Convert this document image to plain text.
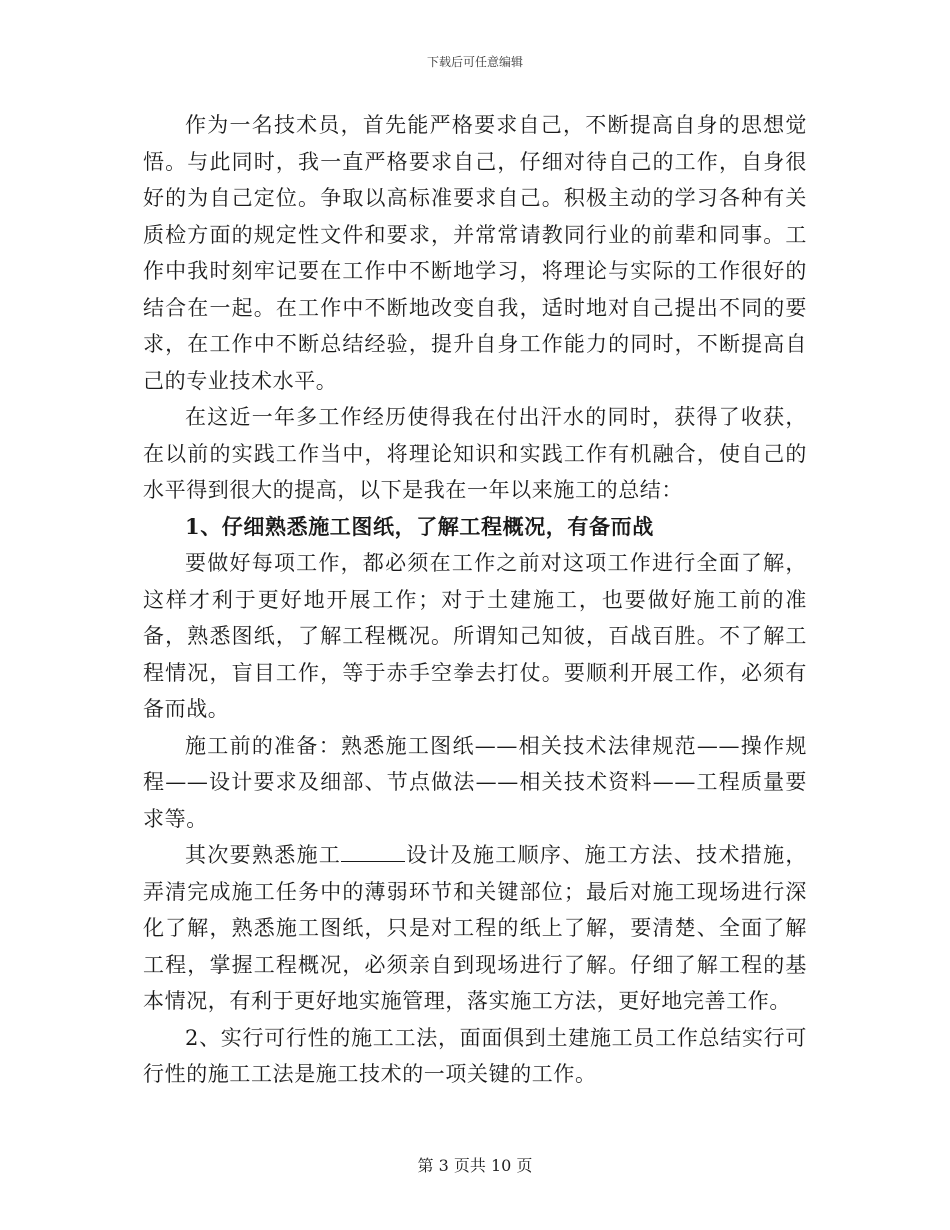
下载后可任意编辑

作为一名技术员，首先能严格要求自己，不断提高自身的思想觉悟。与此同时，我一直严格要求自己，仔细对待自己的工作，自身很好的为自己定位。争取以高标准要求自己。积极主动的学习各种有关质检方面的规定性文件和要求，并常常请教同行业的前辈和同事。工作中我时刻牢记要在工作中不断地学习，将理论与实际的工作很好的结合在一起。在工作中不断地改变自我，适时地对自己提出不同的要求，在工作中不断总结经验，提升自身工作能力的同时，不断提高自己的专业技术水平。

在这近一年多工作经历使得我在付出汗水的同时，获得了收获，在以前的实践工作当中，将理论知识和实践工作有机融合，使自己的水平得到很大的提高，以下是我在一年以来施工的总结：

1、仔细熟悉施工图纸，了解工程概况，有备而战

要做好每项工作，都必须在工作之前对这项工作进行全面了解，这样才利于更好地开展工作；对于土建施工，也要做好施工前的准备，熟悉图纸，了解工程概况。所谓知己知彼，百战百胜。不了解工程情况，盲目工作，等于赤手空拳去打仗。要顺利开展工作，必须有备而战。

施工前的准备：熟悉施工图纸——相关技术法律规范——操作规程——设计要求及细部、节点做法——相关技术资料——工程质量要求等。

其次要熟悉施工	设计及施工顺序、施工方法、技术措施，弄清完成施工任务中的薄弱环节和关键部位；最后对施工现场进行深化了解，熟悉施工图纸，只是对工程的纸上了解，要清楚、全面了解工程，掌握工程概况，必须亲自到现场进行了解。仔细了解工程的基本情况，有利于更好地实施管理，落实施工方法，更好地完善工作。

2、实行可行性的施工工法，面面俱到土建施工员工作总结实行可行性的施工工法是施工技术的一项关键的工作。

第 3 页共 10 页
